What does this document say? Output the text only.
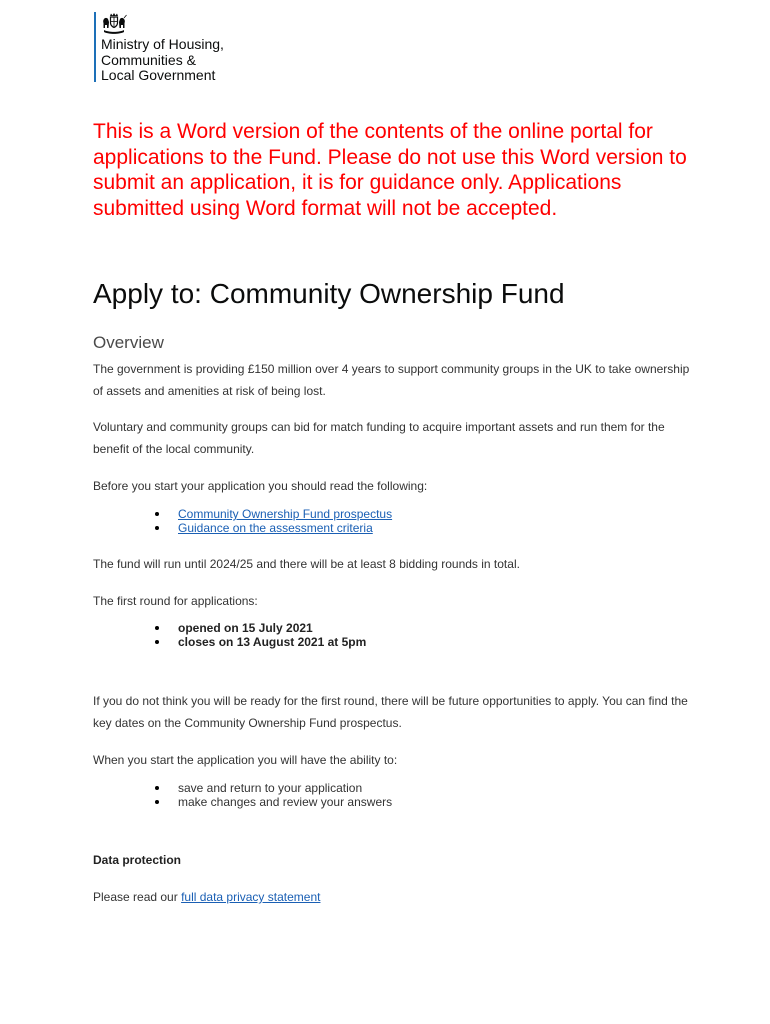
Ministry of Housing,
Communities &
Local Government

This is a Word version of the contents of the online portal for applications to the Fund. Please do not use this Word version to submit an application, it is for guidance only. Applications submitted using Word format will not be accepted.

Apply to: Community Ownership Fund
Overview

The government is providing £150 million over 4 years to support community groups in the UK to take ownership of assets and amenities at risk of being lost.

Voluntary and community groups can bid for match funding to acquire important assets and run them for the benefit of the local community.

Before you start your application you should read the following:

Community Ownership Fund prospectus
Guidance on the assessment criteria

The fund will run until 2024/25 and there will be at least 8 bidding rounds in total.

The first round for applications:

opened on 15 July 2021
closes on 13 August 2021 at 5pm

If you do not think you will be ready for the first round, there will be future opportunities to apply. You can find the key dates on the Community Ownership Fund prospectus.

When you start the application you will have the ability to:

save and return to your application
make changes and review your answers
Data protection

Please read our full data privacy statement
